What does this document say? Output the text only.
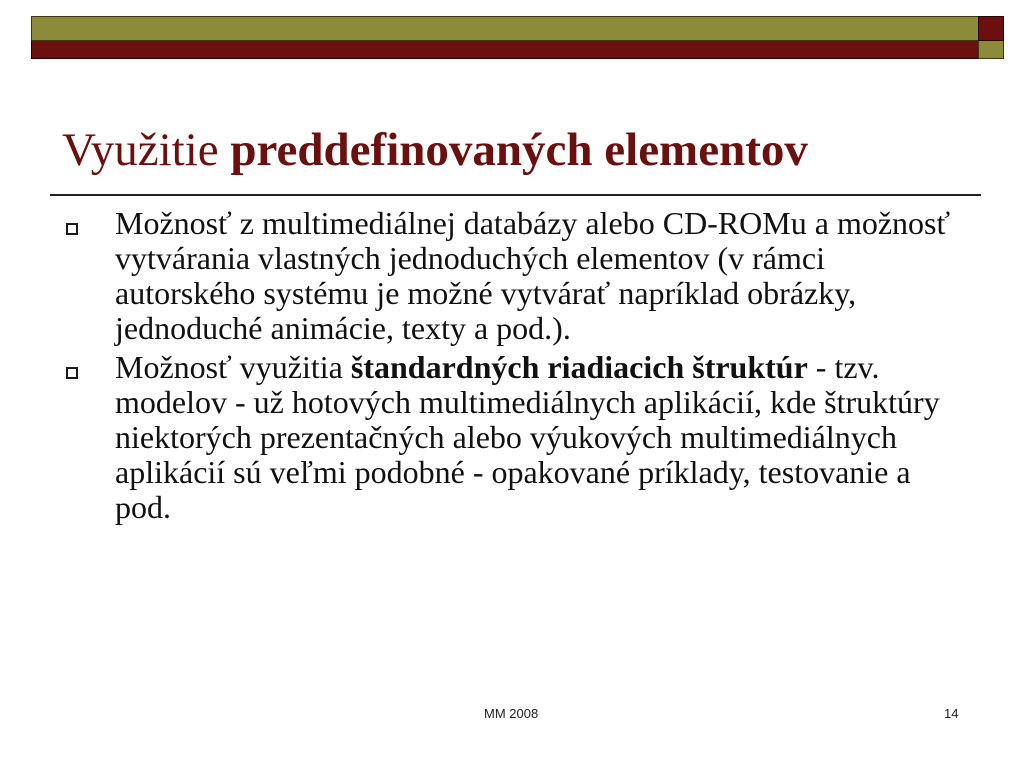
Využitie preddefinovaných elementov
Možnosť z multimediálnej databázy alebo CD-ROMu a možnosť vytvárania vlastných jednoduchých elementov (v rámci autorského systému je možné vytvárať napríklad obrázky, jednoduché animácie, texty a pod.).
Možnosť využitia štandardných riadiacich štruktúr - tzv. modelov - už hotových multimediálnych aplikácií, kde štruktúry niektorých prezentačných alebo výukových multimediálnych aplikácií sú veľmi podobné - opakované príklady, testovanie a pod.
MM 2008	14
